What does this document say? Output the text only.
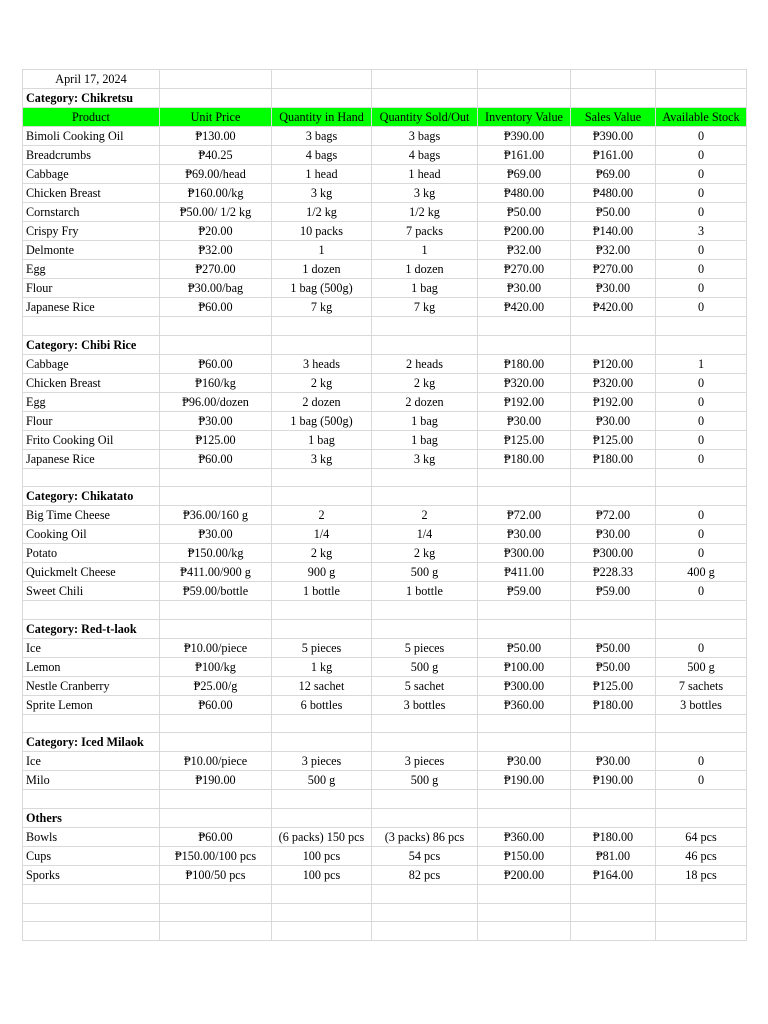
April 17, 2024						
Category: Chikretsu						
Product	Unit Price	Quantity in Hand	Quantity Sold/Out	Inventory Value	Sales Value	Available Stock
Bimoli Cooking Oil	₱130.00	3 bags	3 bags	₱390.00	₱390.00	0
Breadcrumbs	₱40.25	4 bags	4 bags	₱161.00	₱161.00	0
Cabbage	₱69.00/head	1 head	1 head	₱69.00	₱69.00	0
Chicken Breast	₱160.00/kg	3 kg	3 kg	₱480.00	₱480.00	0
Cornstarch	₱50.00/ 1/2 kg	1/2 kg	1/2 kg	₱50.00	₱50.00	0
Crispy Fry	₱20.00	10 packs	7 packs	₱200.00	₱140.00	3
Delmonte	₱32.00	1	1	₱32.00	₱32.00	0
Egg	₱270.00	1 dozen	1 dozen	₱270.00	₱270.00	0
Flour	₱30.00/bag	1 bag (500g)	1 bag	₱30.00	₱30.00	0
Japanese Rice	₱60.00	7 kg	7 kg	₱420.00	₱420.00	0

Category: Chibi Rice						
Cabbage	₱60.00	3 heads	2 heads	₱180.00	₱120.00	1
Chicken Breast	₱160/kg	2 kg	2 kg	₱320.00	₱320.00	0
Egg	₱96.00/dozen	2 dozen	2 dozen	₱192.00	₱192.00	0
Flour	₱30.00	1 bag (500g)	1 bag	₱30.00	₱30.00	0
Frito Cooking Oil	₱125.00	1 bag	1 bag	₱125.00	₱125.00	0
Japanese Rice	₱60.00	3 kg	3 kg	₱180.00	₱180.00	0

Category: Chikatato						
Big Time Cheese	₱36.00/160 g	2	2	₱72.00	₱72.00	0
Cooking Oil	₱30.00	1/4	1/4	₱30.00	₱30.00	0
Potato	₱150.00/kg	2 kg	2 kg	₱300.00	₱300.00	0
Quickmelt Cheese	₱411.00/900 g	900 g	500 g	₱411.00	₱228.33	400 g
Sweet Chili	₱59.00/bottle	1 bottle	1 bottle	₱59.00	₱59.00	0

Category: Red-t-laok						
Ice	₱10.00/piece	5 pieces	5 pieces	₱50.00	₱50.00	0
Lemon	₱100/kg	1 kg	500 g	₱100.00	₱50.00	500 g
Nestle Cranberry	₱25.00/g	12 sachet	5 sachet	₱300.00	₱125.00	7 sachets
Sprite Lemon	₱60.00	6 bottles	3 bottles	₱360.00	₱180.00	3 bottles

Category: Iced Milaok						
Ice	₱10.00/piece	3 pieces	3 pieces	₱30.00	₱30.00	0
Milo	₱190.00	500 g	500 g	₱190.00	₱190.00	0

Others						
Bowls	₱60.00	(6 packs) 150 pcs	(3 packs) 86 pcs	₱360.00	₱180.00	64 pcs
Cups	₱150.00/100 pcs	100 pcs	54 pcs	₱150.00	₱81.00	46 pcs
Sporks	₱100/50 pcs	100 pcs	82 pcs	₱200.00	₱164.00	18 pcs
